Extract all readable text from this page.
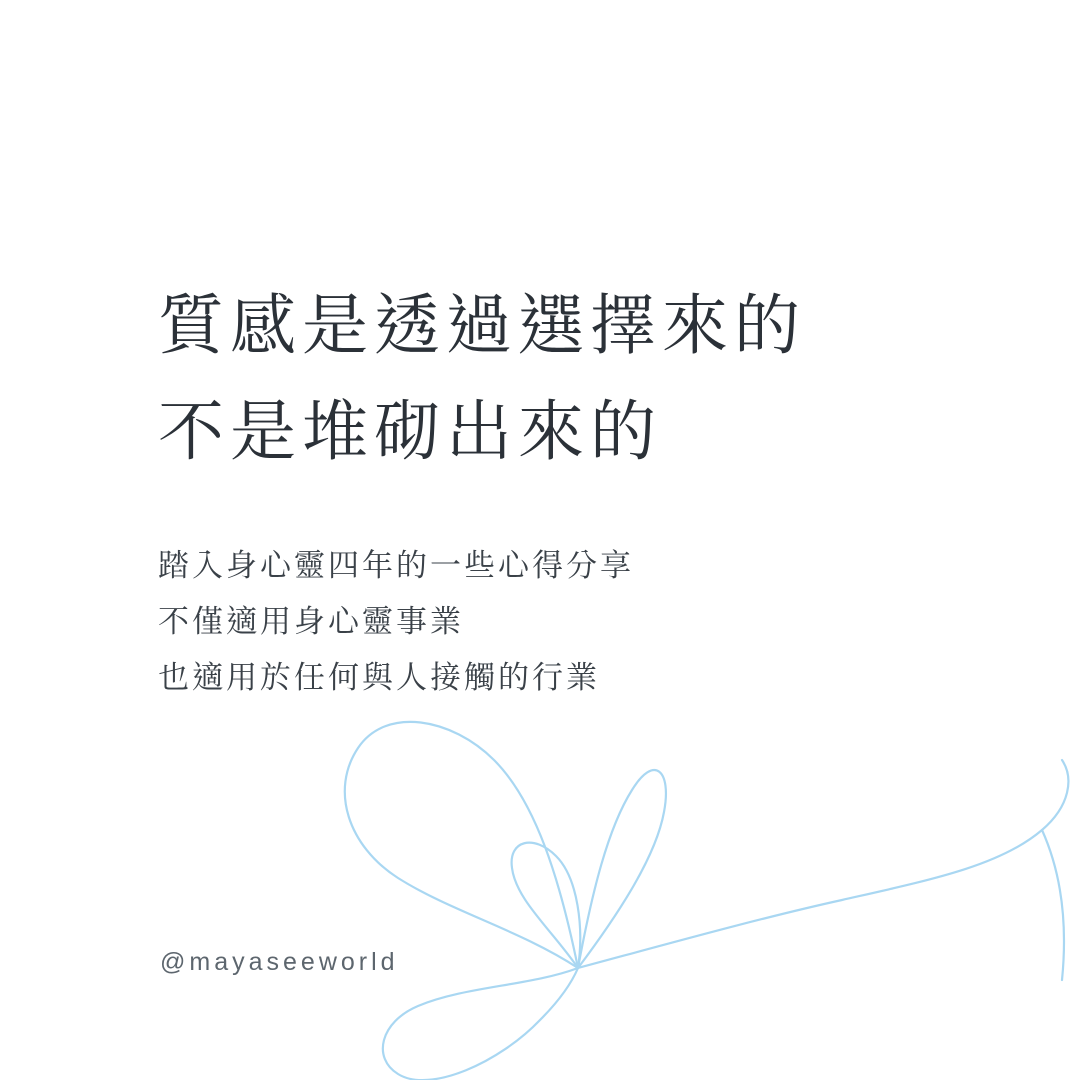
質感是透過選擇來的
不是堆砌出來的
踏入身心靈四年的一些心得分享
不僅適用身心靈事業
也適用於任何與人接觸的行業
@mayaseeworld
